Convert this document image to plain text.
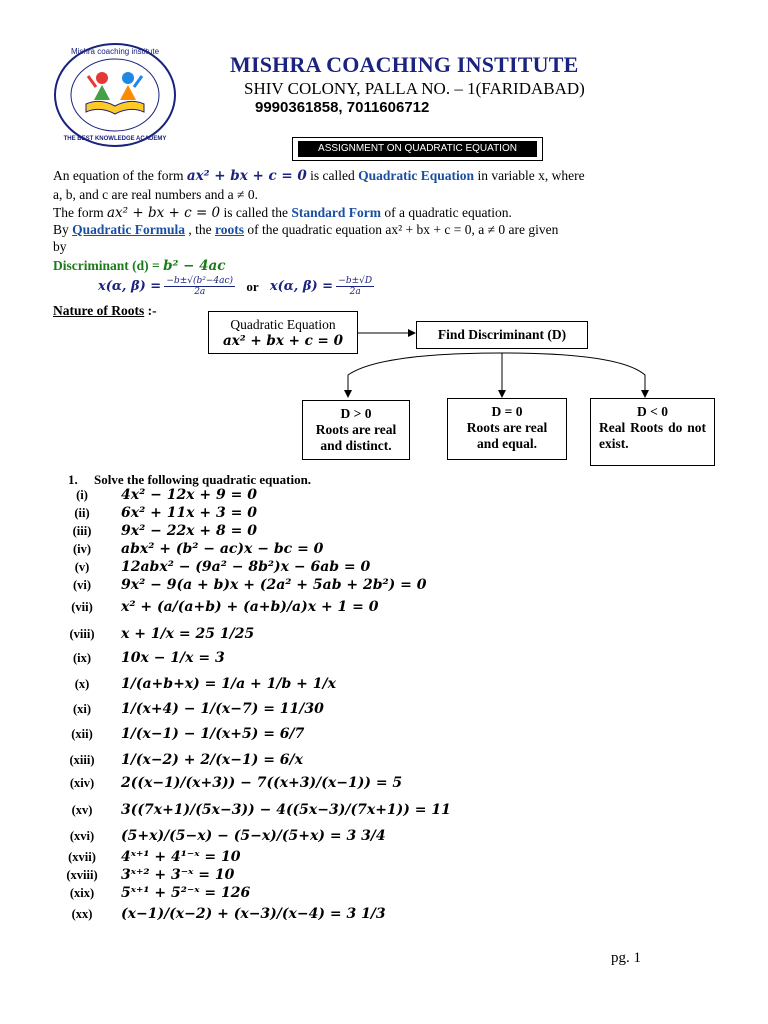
Mishra coaching institute
THE BEST KNOWLEDGE ACADEMY
MISHRA COACHING INSTITUTE
SHIV COLONY, PALLA NO. – 1(FARIDABAD)
9990361858, 7011606712
ASSIGNMENT ON QUADRATIC EQUATION
An equation of the form ax² + bx + c = 0 is called Quadratic Equation in variable x, where
a, b, and c are real numbers and a ≠ 0.
The form ax² + bx + c = 0 is called the Standard Form of a quadratic equation.
By Quadratic Formula , the roots of the quadratic equation ax² + bx + c = 0, a ≠ 0 are given
by
Discriminant (d) = b² − 4ac
x(α, $\beta) = \frac{\text{−b±√(b²−4ac)}}{2a}$ or x(α, $\beta) = \frac{-b\pm√D}{2a}$
Nature of Roots :-
Quadratic Equation
ax² + bx + c = 0	Find Discriminant (D)
D > 0
Roots are real and distinct.
D = 0
Roots are real and equal.
D < 0
Real Roots do not exist.
1. Solve the following quadratic equation.
(i)	4x² − 12x + 9 = 0
(ii)	6x² + 11x + 3 = 0
(iii)	9x² − 22x + 8 = 0
(iv)	abx² + (b² − ac)x − bc = 0
(v)	12abx² − (9a² − 8b²)x − 6ab = 0
(vi)	9x² − 9(a + b)x + (2a² + 5ab + 2b²) = 0
(vii)	x² + (a/(a+b) + (a+b)/a)x + 1 = 0
(viii)	x + 1/x = 25 1/25
(ix)	10x − 1/x = 3
(x)	1/(a+b+x) = 1/a + 1/b + 1/x
(xi)	1/(x+4) − 1/(x−7) = 11/30
(xii)	1/(x−1) − 1/(x+5) = 6/7
(xiii)	1/(x−2) + 2/(x−1) = 6/x
(xiv)	2((x−1)/(x+3)) − 7((x+3)/(x−1)) = 5
(xv)	3((7x+1)/(5x−3)) − 4((5x−3)/(7x+1)) = 11
(xvi)	(5+x)/(5−x) − (5−x)/(5+x) = 3 3/4
(xvii)	4ˣ⁺¹ + 4¹⁻ˣ = 10
(xviii)	3ˣ⁺² + 3⁻ˣ = 10
(xix)	5ˣ⁺¹ + 5²⁻ˣ = 126
(xx)	(x−1)/(x−2) + (x−3)/(x−4) = 3 1/3
pg. 1
